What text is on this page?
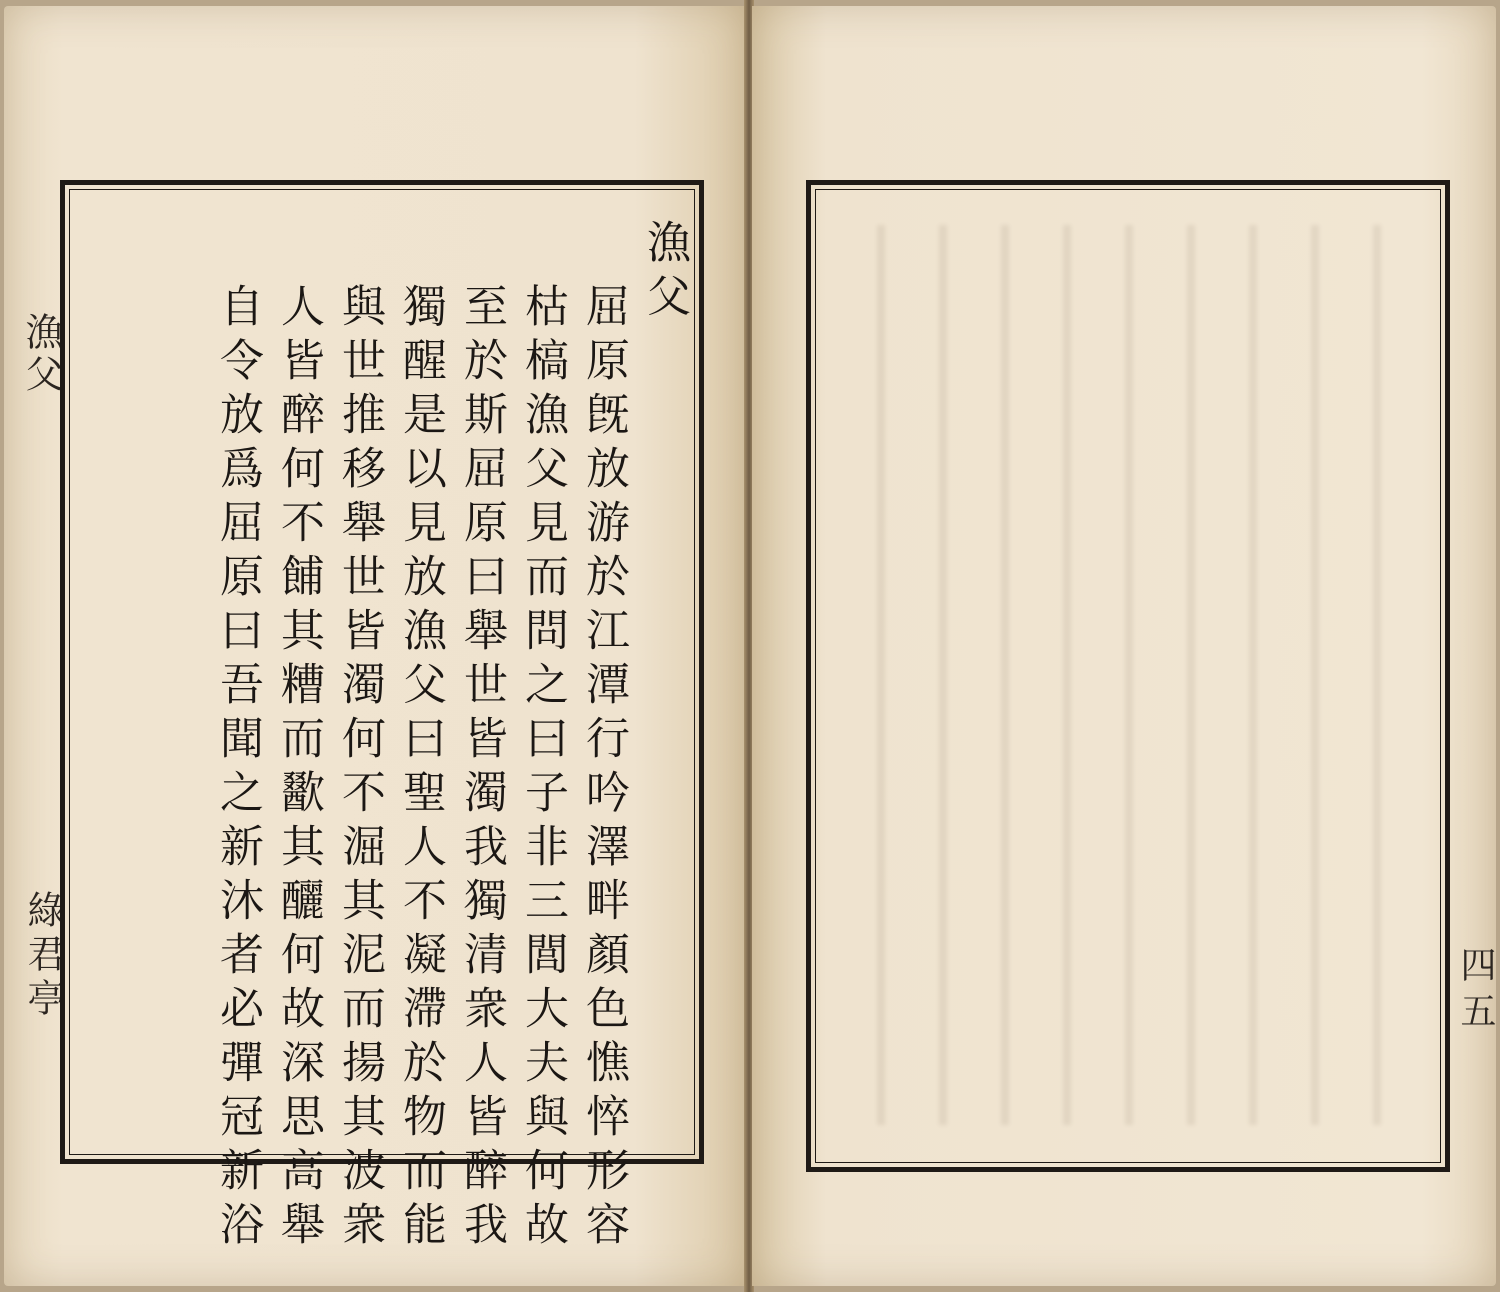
漁父
綠君亭
漁父
屈原旣放游於江潭行吟澤畔顏色憔悴形容
枯槁漁父見而問之曰子非三閭大夫與何故
至於斯屈原曰舉世皆濁我獨清衆人皆醉我
獨醒是以見放漁父曰聖人不凝滯於物而能
與世推移舉世皆濁何不淈其泥而揚其波衆
人皆醉何不餔其糟而歠其釃何故深思高舉
自令放爲屈原曰吾聞之新沐者必彈冠新浴	四五
